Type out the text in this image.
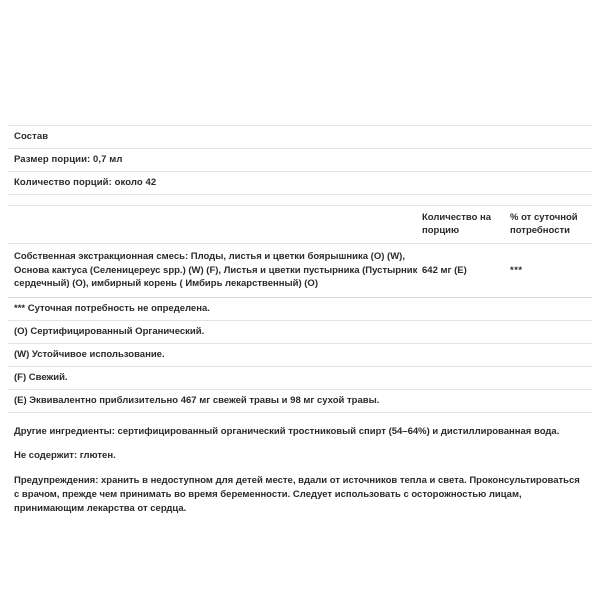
Состав
Размер порции: 0,7 мл
Количество порций: около 42
Количество на порцию
% от суточной потребности
Собственная экстракционная смесь: Плоды, листья и цветки боярышника (O) (W), Основа кактуса (Селеницереус spp.) (W) (F), Листья и цветки пустырника (Пустырник сердечный) (O), имбирный корень ( Имбирь лекарственный) (O)
642 мг (E)	***
*** Суточная потребность не определена.
(O) Сертифицированный Органический.
(W) Устойчивое использование.
(F) Свежий.
(E) Эквивалентно приблизительно 467 мг свежей травы и 98 мг сухой травы.
Другие ингредиенты: сертифицированный органический тростниковый спирт (54–64%) и дистиллированная вода.
Не содержит: глютен.
Предупреждения: хранить в недоступном для детей месте, вдали от источников тепла и света. Проконсультироваться с врачом, прежде чем принимать во время беременности. Следует использовать с осторожностью лицам, принимающим лекарства от сердца.
